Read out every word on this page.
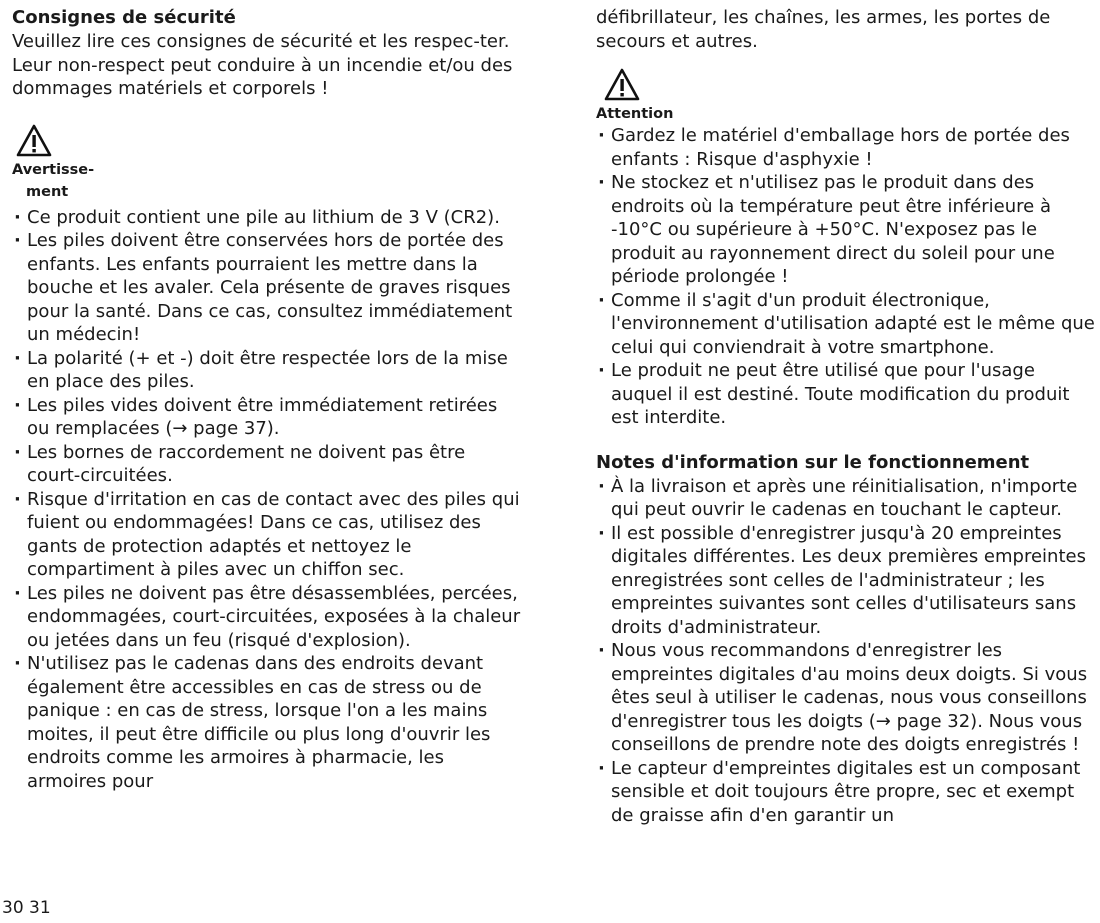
Consignes de sécurité

Veuillez lire ces consignes de sécurité et les respec-ter. Leur non-respect peut conduire à un incendie et/ou des dommages matériels et corporels !

Avertisse-
ment
· Ce produit contient une pile au lithium de 3 V (CR2).
· Les piles doivent être conservées hors de portée des enfants. Les enfants pourraient les mettre dans la bouche et les avaler. Cela présente de graves risques pour la santé. Dans ce cas, consultez immédiatement un médecin!
· La polarité (+ et -) doit être respectée lors de la mise en place des piles.
· Les piles vides doivent être immédiatement retirées ou remplacées (→ page 37).
· Les bornes de raccordement ne doivent pas être court-circuitées.
· Risque d'irritation en cas de contact avec des piles qui fuient ou endommagées! Dans ce cas, utilisez des gants de protection adaptés et nettoyez le compartiment à piles avec un chiffon sec.
· Les piles ne doivent pas être désassemblées, percées, endommagées, court-circuitées, exposées à la chaleur ou jetées dans un feu (risqué d'explosion).
· N'utilisez pas le cadenas dans des endroits devant également être accessibles en cas de stress ou de panique : en cas de stress, lorsque l'on a les mains moites, il peut être difficile ou plus long d'ouvrir les endroits comme les armoires à pharmacie, les armoires pour

défibrillateur, les chaînes, les armes, les portes de secours et autres.

Attention
· Gardez le matériel d'emballage hors de portée des enfants : Risque d'asphyxie !
· Ne stockez et n'utilisez pas le produit dans des endroits où la température peut être inférieure à -10°C ou supérieure à +50°C. N'exposez pas le produit au rayonnement direct du soleil pour une période prolongée !
· Comme il s'agit d'un produit électronique, l'environnement d'utilisation adapté est le même que celui qui conviendrait à votre smartphone.
· Le produit ne peut être utilisé que pour l'usage auquel il est destiné. Toute modification du produit est interdite.
Notes d'information sur le fonctionnement
· À la livraison et après une réinitialisation, n'importe qui peut ouvrir le cadenas en touchant le capteur.
· Il est possible d'enregistrer jusqu'à 20 empreintes digitales différentes. Les deux premières empreintes enregistrées sont celles de l'administrateur ; les empreintes suivantes sont celles d'utilisateurs sans droits d'administrateur.
· Nous vous recommandons d'enregistrer les empreintes digitales d'au moins deux doigts. Si vous êtes seul à utiliser le cadenas, nous vous conseillons d'enregistrer tous les doigts (→ page 32). Nous vous conseillons de prendre note des doigts enregistrés !
· Le capteur d'empreintes digitales est un composant sensible et doit toujours être propre, sec et exempt de graisse afin d'en garantir un
30 31
